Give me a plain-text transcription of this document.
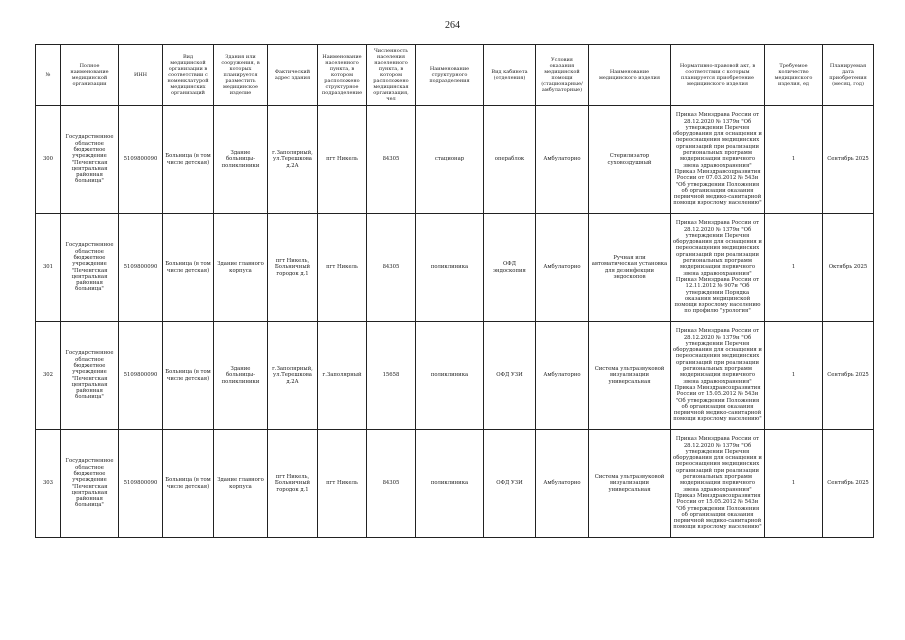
264
№	Полное наименование медицинской организации	ИНН	Вид медицинской организации в соответствии с номенклатурой медицинских организаций	Здания или сооружения, в которых планируется разместить медицинское изделие	Фактический адрес здания	Наименование населенного пункта, в котором расположено структурное подразделение	Численность населения населенного пункта, в котором расположено медицинская организация, чел	Наименование структурного подразделения	Вид кабинета (отделения)	Условия оказания медицинской помощи (стационарные/амбулаторные)	Наименование медицинского изделия	Нормативно-правовой акт, в соответствии с которым планируется приобретение медицинского изделия	Требуемое количество медицинского изделия, ед	Планируемая дата приобретения (месяц, год)
300	Государственное областное бюджетное учреждение "Печенгская центральная районная больница"	5109800090	Больница (в том числе детская)	Здание больницы-поликлиники	г.Заполярный, ул.Терешкова д.2А	пгт Никель	84305	стационар	операблок	Амбулаторно	Стерилизатор суховоздушный	Приказ Минздрава России от 28.12.2020 № 1379н "Об утверждении Перечня оборудования для оснащения и переоснащения медицинских организаций при реализации региональных программ модернизации первичного звена здравоохранения" Приказ Минздравсоцразвития России от 07.03.2012 № 543н "Об утверждении Положения об организации оказания первичной медико-санитарной помощи взрослому населению"	1	Сентябрь 2025
301	Государственное областное бюджетное учреждение "Печенгская центральная районная больница"	5109800090	Больница (в том числе детская)	Здание главного корпуса	пгт Никель, Больничный городок д.1	пгт Никель	84305	поликлиника	ОФД эндоскопия	Амбулаторно	Ручная или автоматическая установка для дезинфекции эндоскопов	Приказ Минздрава России от 28.12.2020 № 1379н "Об утверждении Перечня оборудования для оснащения и переоснащения медицинских организаций при реализации региональных программ модернизации первичного звена здравоохранения" Приказ Минздрава России от 12.11.2012 № 907н "Об утверждении Порядка оказания медицинской помощи взрослому населению по профилю "урология"	1	Октябрь 2025
302	Государственное областное бюджетное учреждение "Печенгская центральная районная больница"	5109800090	Больница (в том числе детская)	Здание больницы-поликлиники	г.Заполярный, ул.Терешкова д.2А	г.Заполярный	15658	поликлиника	ОФД УЗИ	Амбулаторно	Система ультразвуковой визуализации универсальная	Приказ Минздрава России от 28.12.2020 № 1379н "Об утверждении Перечня оборудования для оснащения и переоснащения медицинских организаций при реализации региональных программ модернизации первичного звена здравоохранения" Приказ Минздравсоцразвития России от 15.05.2012 № 543н "Об утверждении Положения об организации оказания первичной медико-санитарной помощи взрослому населению"	1	Сентябрь 2025
303	Государственное областное бюджетное учреждение "Печенгская центральная районная больница"	5109800090	Больница (в том числе детская)	Здание главного корпуса	пгт Никель, Больничный городок д.1	пгт Никель	84305	поликлиника	ОФД УЗИ	Амбулаторно	Система ультразвуковой визуализации универсальная	Приказ Минздрава России от 28.12.2020 № 1379н "Об утверждении Перечня оборудования для оснащения и переоснащения медицинских организаций при реализации региональных программ модернизации первичного звена здравоохранения" Приказ Минздравсоцразвития России от 15.05.2012 № 543н "Об утверждении Положения об организации оказания первичной медико-санитарной помощи взрослому населению"	1	Сентябрь 2025
